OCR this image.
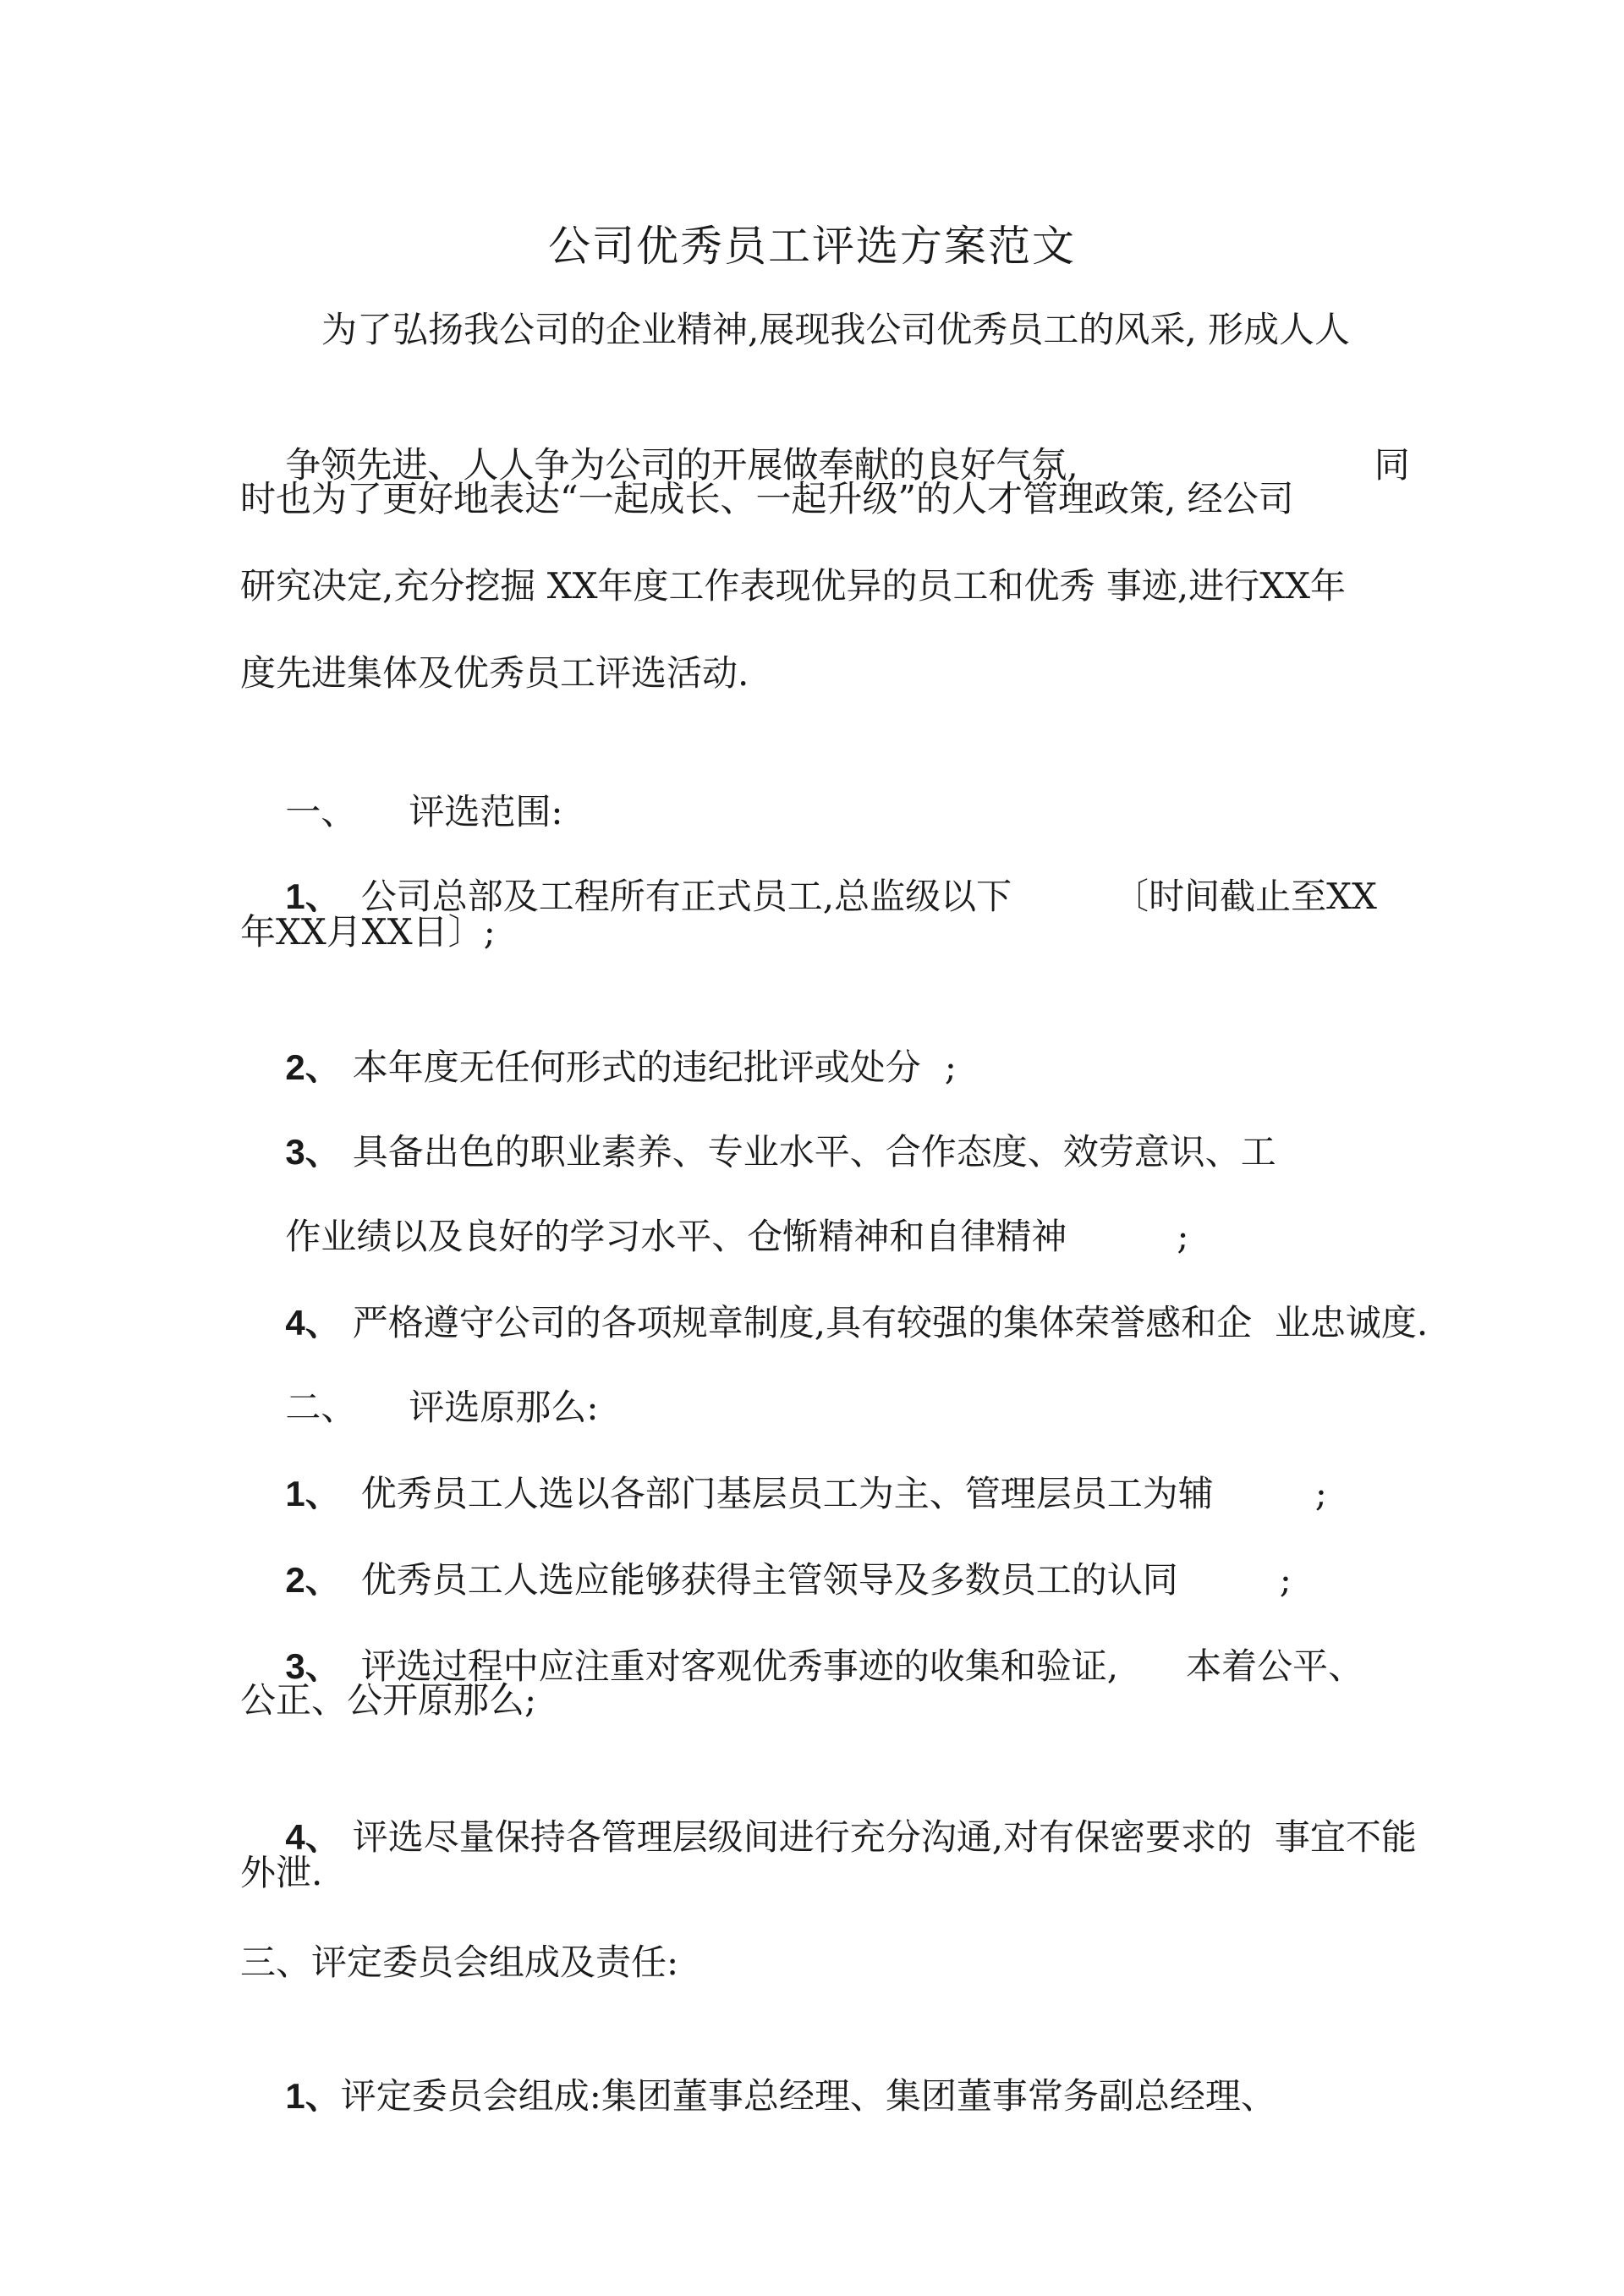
公司优秀员工评选方案范文
为了弘扬我公司的企业精神,展现我公司优秀员工的风采, 形成人人

争领先进、人人争为公司的开展做奉献的良好气氛,	同

时也为了更好地表达“一起成长、一起升级”的人才管理政策, 经公司
研究决定,充分挖掘 XX年度工作表现优异的员工和优秀 事迹,进行XX年
度先进集体及优秀员工评选活动.

一、 评选范围:

1、 公司总部及工程所有正式员工,总监级以下	〔时间截止至XX

年XX月XX日〕;

2、 本年度无任何形式的违纪批评或处分 ;

3、 具备出色的职业素养、专业水平、合作态度、效劳意识、工

作业绩以及良好的学习水平、仓惭精神和自律精神	;

4、 严格遵守公司的各项规章制度,具有较强的集体荣誉感和企  业忠诚度.

二、 评选原那么:

1、 优秀员工人选以各部门基层员工为主、管理层员工为辅	;

2、 优秀员工人选应能够获得主管领导及多数员工的认同	;

3、 评选过程中应注重对客观优秀事迹的收集和验证, 本着公平、

公正、公开原那么;

4、 评选尽量保持各管理层级间进行充分沟通,对有保密要求的  事宜不能

外泄.
三、评定委员会组成及责任:

1、评定委员会组成:集团董事总经理、集团董事常务副总经理、
